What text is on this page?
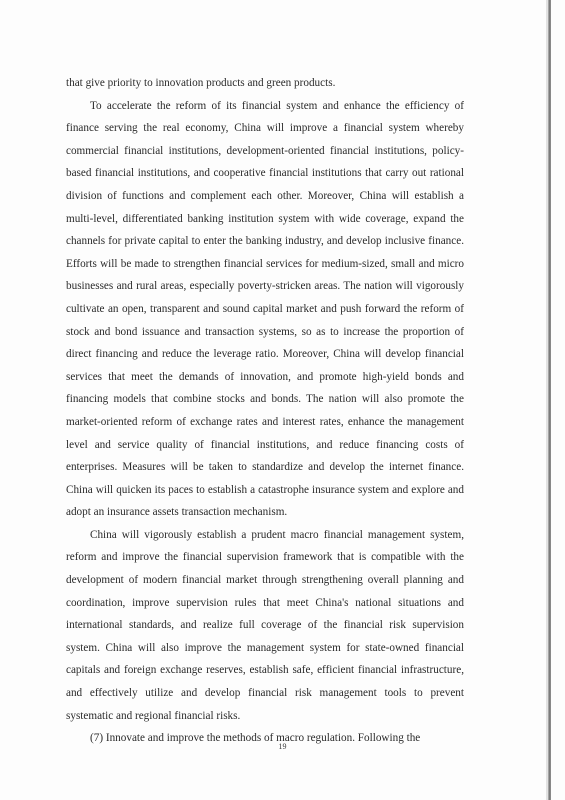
that give priority to innovation products and green products.

To accelerate the reform of its financial system and enhance the efficiency of finance serving the real economy, China will improve a financial system whereby commercial financial institutions, development-oriented financial institutions, policy-based financial institutions, and cooperative financial institutions that carry out rational division of functions and complement each other. Moreover, China will establish a multi-level, differentiated banking institution system with wide coverage, expand the channels for private capital to enter the banking industry, and develop inclusive finance. Efforts will be made to strengthen financial services for medium-sized, small and micro businesses and rural areas, especially poverty-stricken areas. The nation will vigorously cultivate an open, transparent and sound capital market and push forward the reform of stock and bond issuance and transaction systems, so as to increase the proportion of direct financing and reduce the leverage ratio. Moreover, China will develop financial services that meet the demands of innovation, and promote high-yield bonds and financing models that combine stocks and bonds. The nation will also promote the market-oriented reform of exchange rates and interest rates, enhance the management level and service quality of financial institutions, and reduce financing costs of enterprises. Measures will be taken to standardize and develop the internet finance. China will quicken its paces to establish a catastrophe insurance system and explore and adopt an insurance assets transaction mechanism.

China will vigorously establish a prudent macro financial management system, reform and improve the financial supervision framework that is compatible with the development of modern financial market through strengthening overall planning and coordination, improve supervision rules that meet China's national situations and international standards, and realize full coverage of the financial risk supervision system. China will also improve the management system for state-owned financial capitals and foreign exchange reserves, establish safe, efficient financial infrastructure, and effectively utilize and develop financial risk management tools to prevent systematic and regional financial risks.

(7) Innovate and improve the methods of macro regulation. Following the

19
